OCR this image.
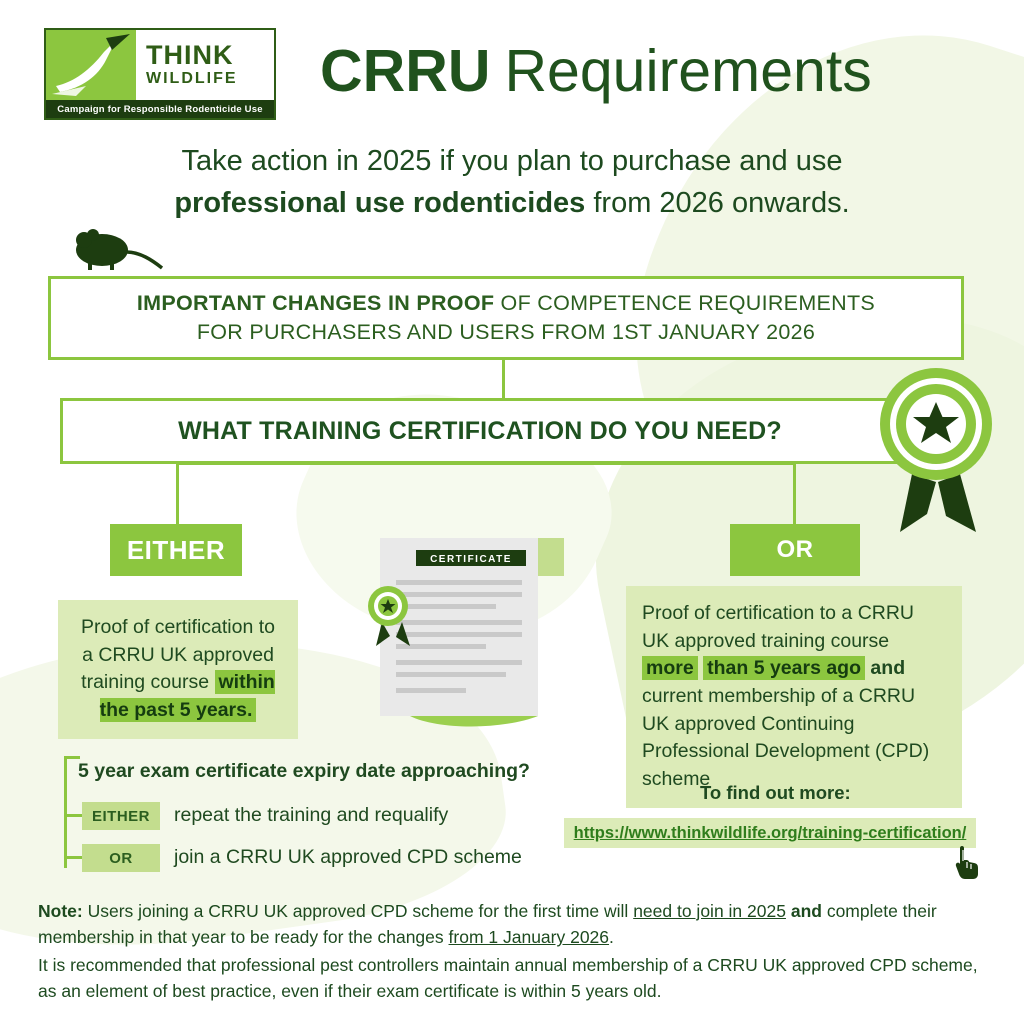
THINK
WILDLIFE
Campaign for Responsible Rodenticide Use
CRRU Requirements
Take action in 2025 if you plan to purchase and use
professional use rodenticides from 2026 onwards.
IMPORTANT CHANGES IN PROOF OF COMPETENCE REQUIREMENTS
FOR PURCHASERS AND USERS FROM 1ST JANUARY 2026
WHAT TRAINING CERTIFICATION DO YOU NEED?
EITHER	OR
Proof of certification to a CRRU UK approved training course within the past 5 years.
Proof of certification to a CRRU UK approved training course more than 5 years ago and current membership of a CRRU UK approved Continuing Professional Development (CPD) scheme
CERTIFICATE
5 year exam certificate expiry date approaching?
EITHER repeat the training and requalify
OR join a CRRU UK approved CPD scheme
To find out more:
https://www.thinkwildlife.org/training-certification/
Note: Users joining a CRRU UK approved CPD scheme for the first time will need to join in 2025 and complete their membership in that year to be ready for the changes from 1 January 2026.
It is recommended that professional pest controllers maintain annual membership of a CRRU UK approved CPD scheme, as an element of best practice, even if their exam certificate is within 5 years old.
